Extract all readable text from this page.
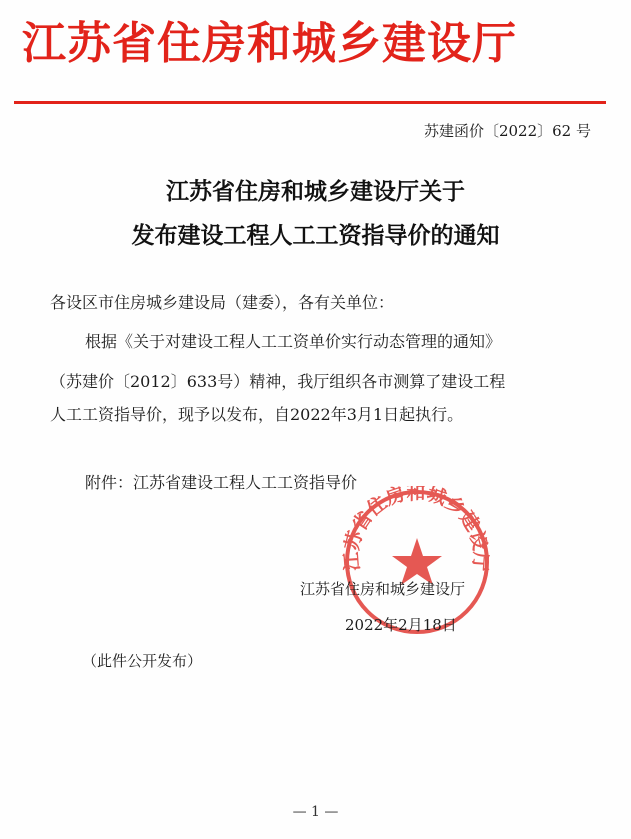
江苏省住房和城乡建设厅
苏建函价〔2022〕62 号
江苏省住房和城乡建设厅关于
发布建设工程人工工资指导价的通知
各设区市住房城乡建设局（建委），各有关单位：
根据《关于对建设工程人工工资单价实行动态管理的通知》
（苏建价〔2012〕633号）精神，我厅组织各市测算了建设工程
人工工资指导价，现予以发布，自2022年3月1日起执行。
附件：江苏省建设工程人工工资指导价
江苏省住房和城乡建设厅
江苏省住房和城乡建设厅
2022年2月18日
（此件公开发布）
— 1 —
